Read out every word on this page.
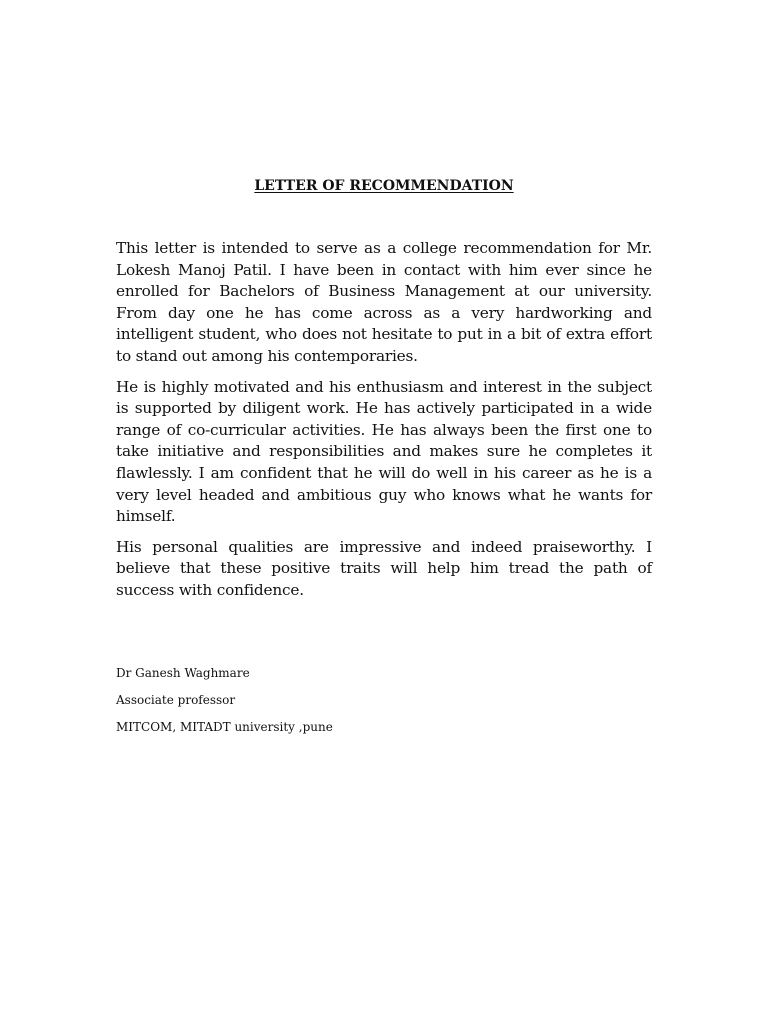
LETTER OF RECOMMENDATION

This letter is intended to serve as a college recommendation for Mr. Lokesh Manoj Patil. I have been in contact with him ever since he enrolled for Bachelors of Business Management at our university. From day one he has come across as a very hardworking and intelligent student, who does not hesitate to put in a bit of extra effort to stand out among his contemporaries.

He is highly motivated and his enthusiasm and interest in the subject is supported by diligent work. He has actively participated in a wide range of co-curricular activities. He has always been the first one to take initiative and responsibilities and makes sure he completes it flawlessly. I am confident that he will do well in his career as he is a very level headed and ambitious guy who knows what he wants for himself.

His personal qualities are impressive and indeed praiseworthy. I believe that these positive traits will help him tread the path of success with confidence.

Dr Ganesh Waghmare
Associate professor
MITCOM, MITADT university ,pune
